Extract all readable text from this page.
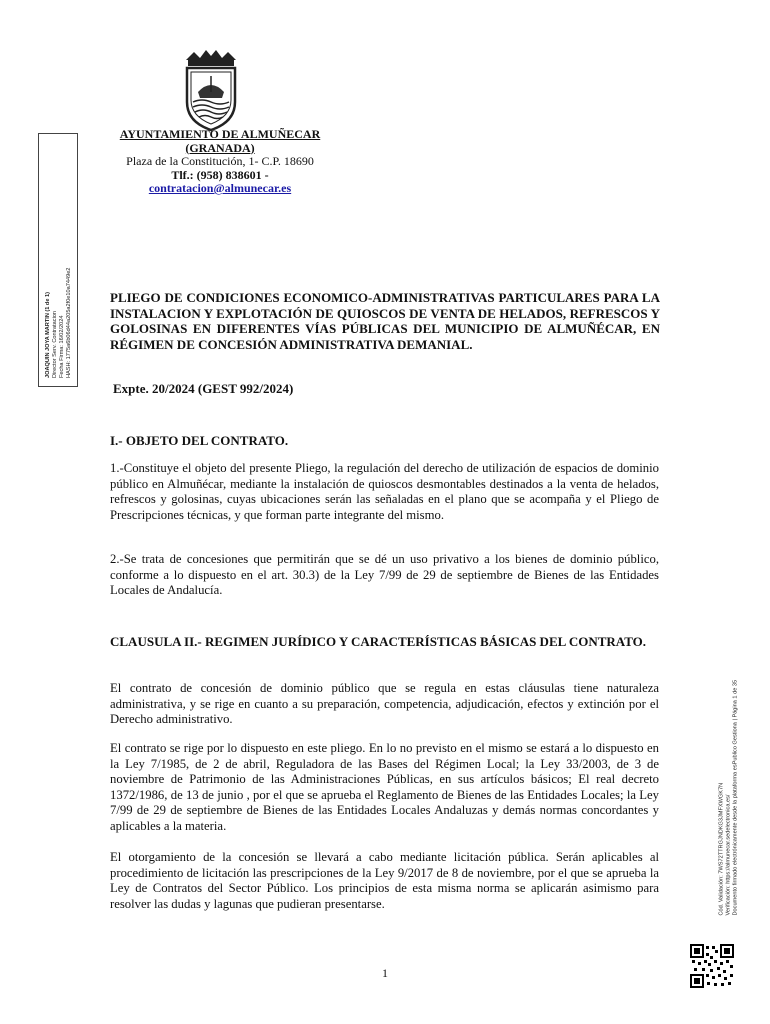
AYUNTAMIENTO DE ALMUÑECAR
(GRANADA)
Plaza de la Constitución, 1- C.P. 18690
Tlf.: (958) 838601 -
contratacion@almunecar.es
JOAQUIN JOYA MARTIN (1 de 1) Director Serv. Contratacion Fecha Firma: 16/02/2024 HASH: 1775a6b06d44a205a2f0e10a7449e2	PLIEGO DE CONDICIONES ECONOMICO-ADMINISTRATIVAS PARTICULARES PARA LA INSTALACION Y EXPLOTACIÓN DE QUIOSCOS DE VENTA DE HELADOS, REFRESCOS Y GOLOSINAS EN DIFERENTES VÍAS PÚBLICAS DEL MUNICIPIO DE ALMUÑÉCAR, EN RÉGIMEN DE CONCESIÓN ADMINISTRATIVA DEMANIAL.
Expte. 20/2024 (GEST 992/2024)
I.- OBJETO DEL CONTRATO.
1.-Constituye el objeto del presente Pliego, la regulación del derecho de utilización de espacios de dominio público en Almuñécar, mediante la instalación de quioscos desmontables destinados a la venta de helados, refrescos y golosinas, cuyas ubicaciones serán las señaladas en el plano que se acompaña y el Pliego de Prescripciones técnicas, y que forman parte integrante del mismo.
2.-Se trata de concesiones que permitirán que se dé un uso privativo a los bienes de dominio público, conforme a lo dispuesto en el art. 30.3) de la Ley 7/99 de 29 de septiembre de Bienes de las Entidades Locales de Andalucía.
CLAUSULA II.- REGIMEN JURÍDICO Y CARACTERÍSTICAS BÁSICAS DEL CONTRATO.
El contrato de concesión de dominio público que se regula en estas cláusulas tiene naturaleza administrativa, y se rige en cuanto a su preparación, competencia, adjudicación, efectos y extinción por el Derecho administrativo.
El contrato se rige por lo dispuesto en este pliego. En lo no previsto en el mismo se estará a lo dispuesto en la Ley 7/1985, de 2 de abril, Reguladora de las Bases del Régimen Local; la Ley 33/2003, de 3 de noviembre de Patrimonio de las Administraciones Públicas, en sus artículos básicos; El real decreto 1372/1986, de 13 de junio , por el que se aprueba el Reglamento de Bienes de las Entidades Locales; la Ley 7/99 de 29 de septiembre de Bienes de las Entidades Locales Andaluzas y demás normas concordantes y aplicables a la materia.
El otorgamiento de la concesión se llevará a cabo mediante licitación pública. Serán aplicables al procedimiento de licitación las prescripciones de la Ley 9/2017 de 8 de noviembre, por el que se aprueba la Ley de Contratos del Sector Público. Los principios de esta misma norma se aplicarán asimismo para resolver las dudas y lagunas que pudieran presentarse.
1
Cód. Validación: 7WS72TTRGJNDKG3JMFXWGK7N Verificación: https://almunecar.sedelectronica.es/ Documento firmado electrónicamente desde la plataforma esPublico Gestiona | Página 1 de 35
